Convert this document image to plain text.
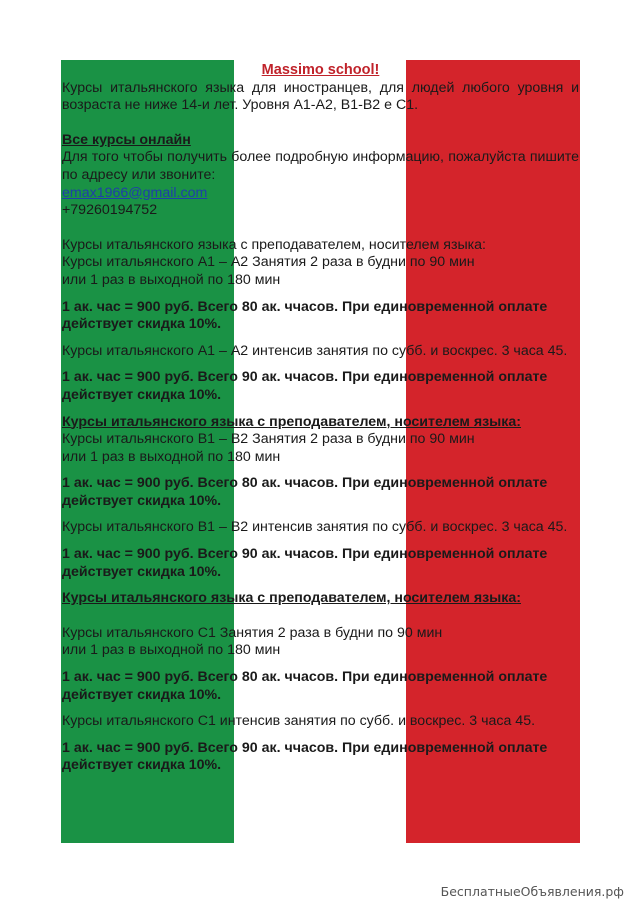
Massimo school!

Курсы итальянского языка для иностранцев, для людей любого уровня и возраста не ниже 14-и лет. Уровня А1-А2, В1-В2 е С1.

Все курсы онлайн

Для того чтобы получить более подробную информацию, пожалуйста пишите по адресу или звоните:

emax1966@gmail.com

+79260194752

Курсы итальянского языка с преподавателем, носителем языка:

Курсы итальянского А1 – А2 Занятия 2 раза в будни по 90 мин

или 1 раз в выходной по 180 мин

1 ак. час = 900 руб. Всего 80 ак. ччасов. При единовременной оплате действует скидка 10%.

Курсы итальянского А1 – А2 интенсив занятия по субб. и воскрес. 3 часа 45.

1 ак. час = 900 руб. Всего 90 ак. ччасов. При единовременной оплате действует скидка 10%.

Курсы итальянского языка с преподавателем, носителем языка:

Курсы итальянского В1 – В2 Занятия 2 раза в будни по 90 мин

или 1 раз в выходной по 180 мин

1 ак. час = 900 руб. Всего 80 ак. ччасов. При единовременной оплате действует скидка 10%.

Курсы итальянского В1 – В2 интенсив занятия по субб. и воскрес. 3 часа 45.

1 ак. час = 900 руб. Всего 90 ак. ччасов. При единовременной оплате действует скидка 10%.

Курсы итальянского языка с преподавателем, носителем языка:

Курсы итальянского С1 Занятия 2 раза в будни по 90 мин

или 1 раз в выходной по 180 мин

1 ак. час = 900 руб. Всего 80 ак. ччасов. При единовременной оплате действует скидка 10%.

Курсы итальянского С1 интенсив занятия по субб. и воскрес. 3 часа 45.

1 ак. час = 900 руб. Всего 90 ак. ччасов. При единовременной оплате действует скидка 10%.

БесплатныеОбъявления.рф
